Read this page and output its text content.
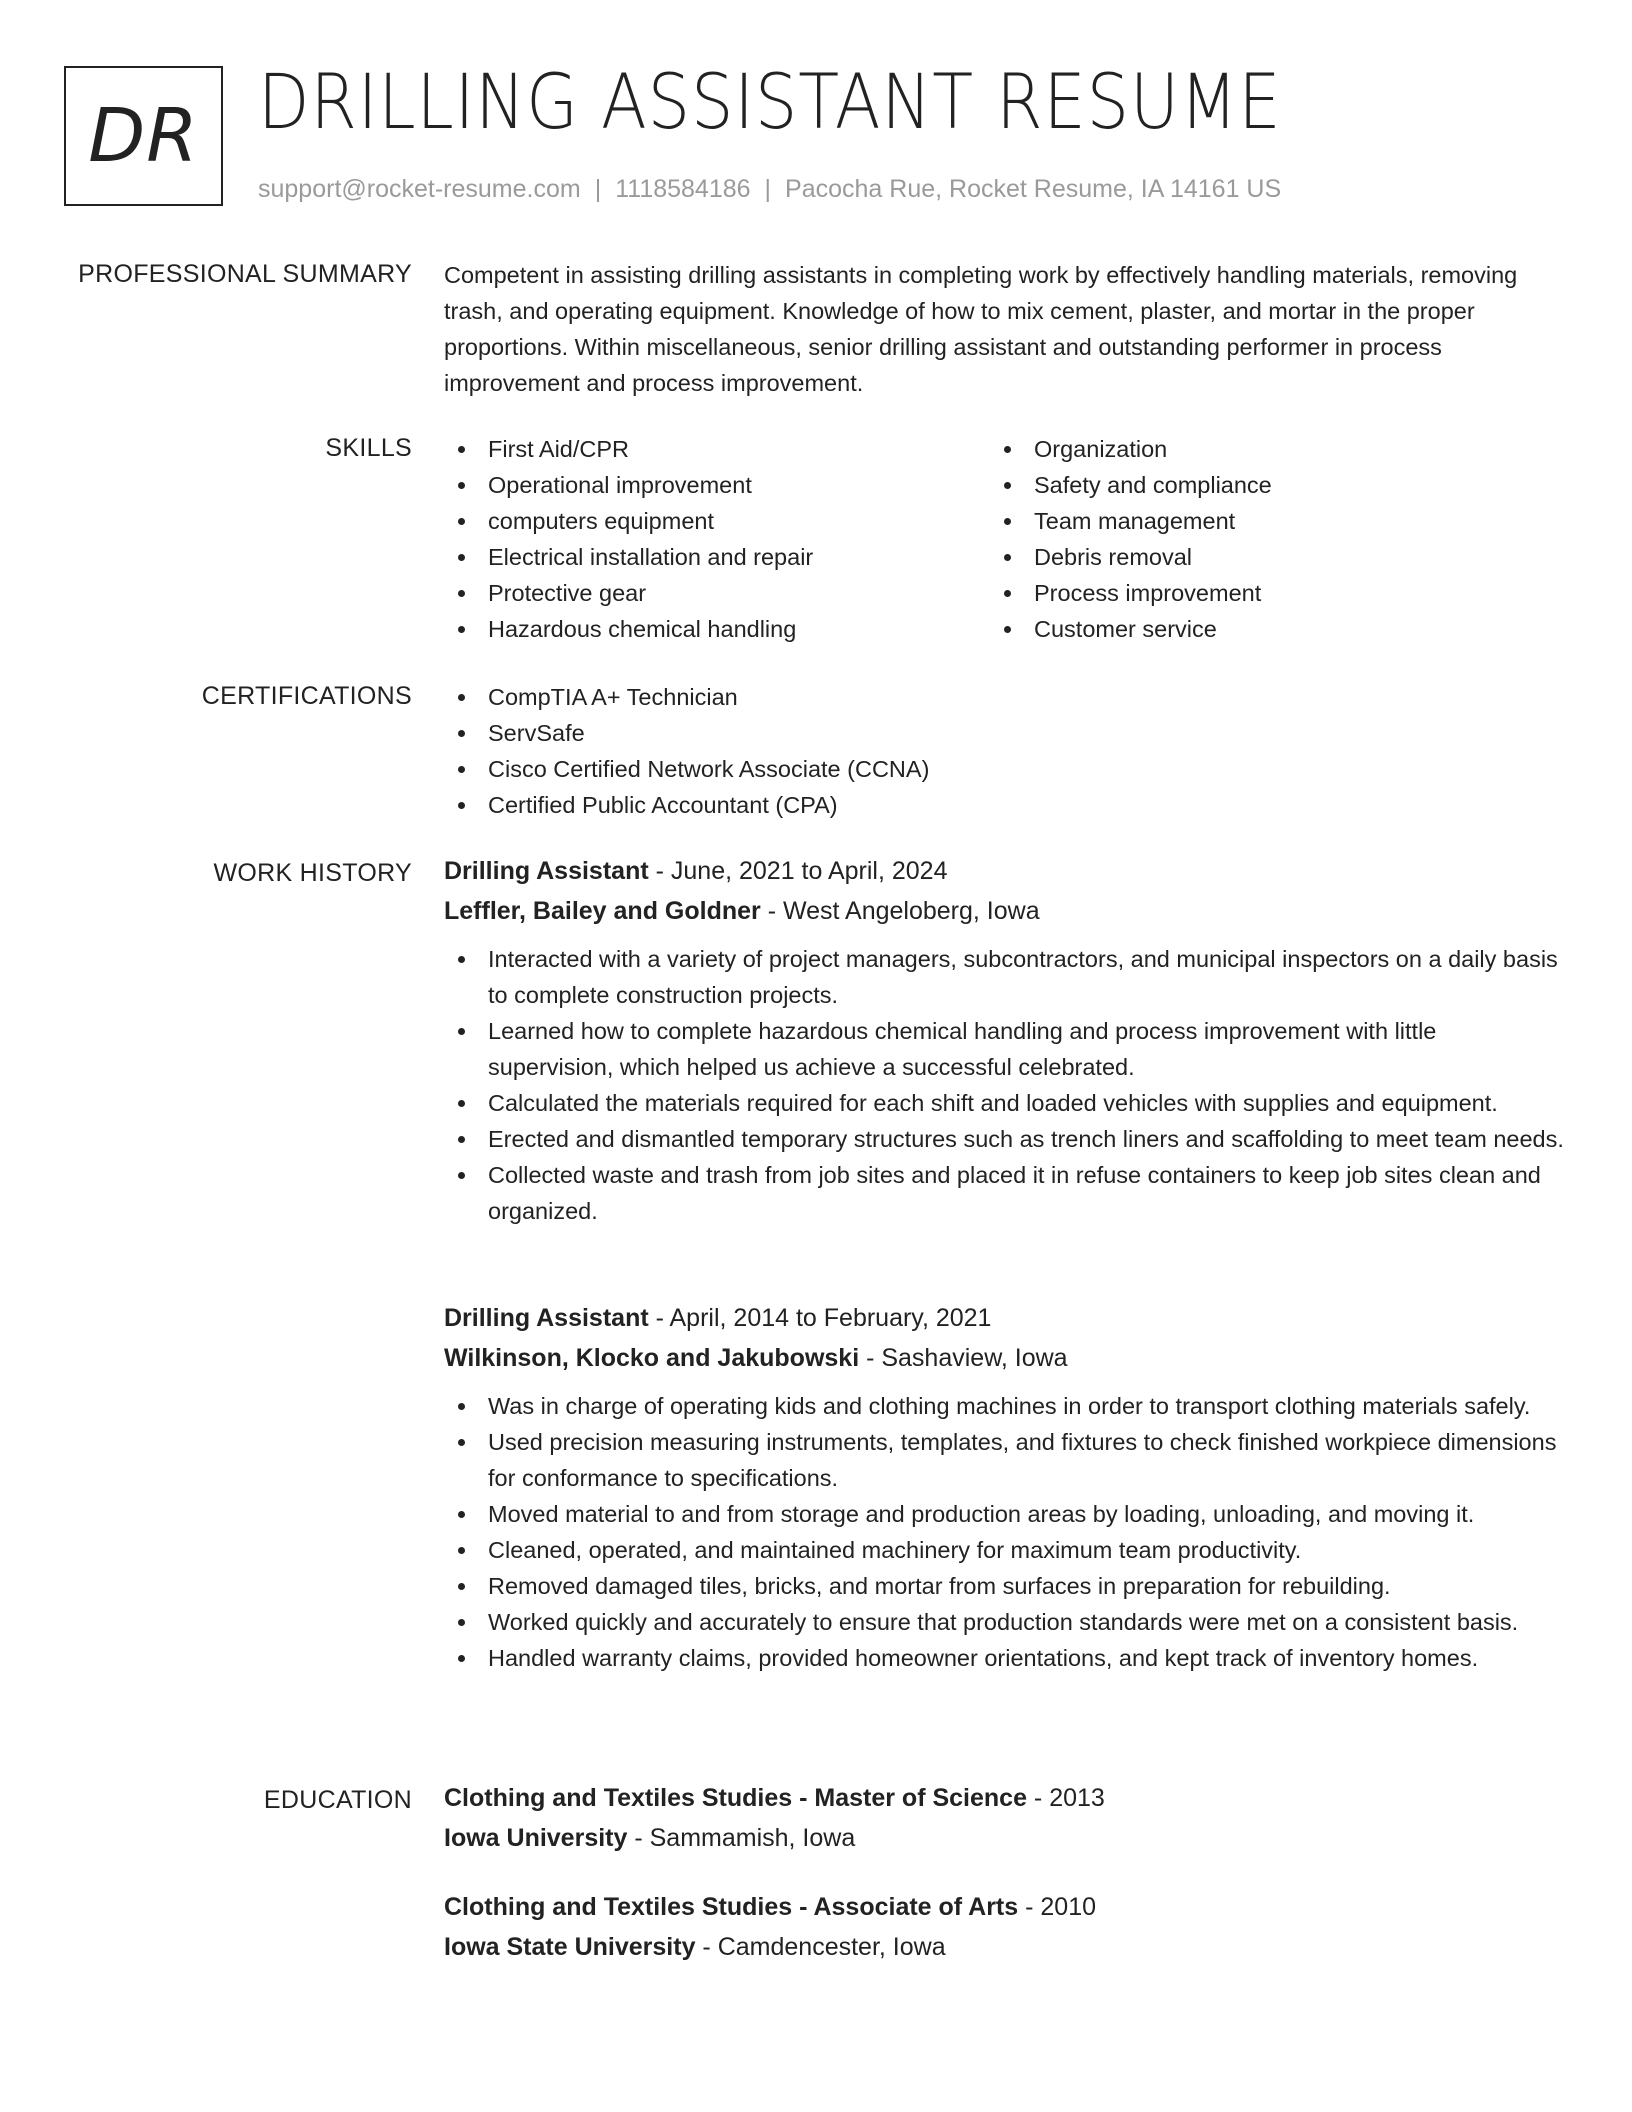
DR DRILLING ASSISTANT RESUME
support@rocket-resume.com | 1118584186 | Pacocha Rue, Rocket Resume, IA 14161 US
PROFESSIONAL SUMMARY Competent in assisting drilling assistants in completing work by effectively handling materials, removing trash, and operating equipment. Knowledge of how to mix cement, plaster, and mortar in the proper proportions. Within miscellaneous, senior drilling assistant and outstanding performer in process improvement and process improvement.

SKILLS	First Aid/CPR
Operational improvement
computers equipment
Electrical installation and repair
Protective gear
Hazardous chemical handling
Organization
Safety and compliance
Team management
Debris removal
Process improvement
Customer service
CERTIFICATIONS	CompTIA A+ Technician
ServSafe
Cisco Certified Network Associate (CCNA)
Certified Public Accountant (CPA)
WORK HISTORY Drilling Assistant - June, 2021 to April, 2024
Leffler, Bailey and Goldner - West Angeloberg, Iowa
Interacted with a variety of project managers, subcontractors, and municipal inspectors on a daily basis to complete construction projects.
Learned how to complete hazardous chemical handling and process improvement with little supervision, which helped us achieve a successful celebrated.
Calculated the materials required for each shift and loaded vehicles with supplies and equipment.
Erected and dismantled temporary structures such as trench liners and scaffolding to meet team needs.
Collected waste and trash from job sites and placed it in refuse containers to keep job sites clean and organized.
Drilling Assistant - April, 2014 to February, 2021
Wilkinson, Klocko and Jakubowski - Sashaview, Iowa
Was in charge of operating kids and clothing machines in order to transport clothing materials safely.
Used precision measuring instruments, templates, and fixtures to check finished workpiece dimensions for conformance to specifications.
Moved material to and from storage and production areas by loading, unloading, and moving it.
Cleaned, operated, and maintained machinery for maximum team productivity.
Removed damaged tiles, bricks, and mortar from surfaces in preparation for rebuilding.
Worked quickly and accurately to ensure that production standards were met on a consistent basis.
Handled warranty claims, provided homeowner orientations, and kept track of inventory homes.
EDUCATION Clothing and Textiles Studies - Master of Science - 2013
Iowa University - Sammamish, Iowa
Clothing and Textiles Studies - Associate of Arts - 2010
Iowa State University - Camdencester, Iowa
